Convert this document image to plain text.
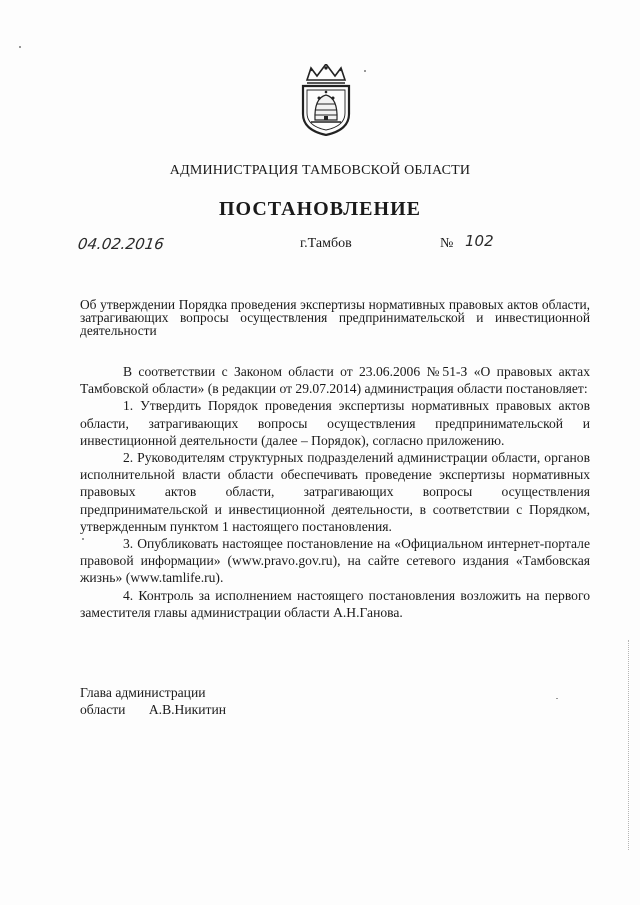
АДМИНИСТРАЦИЯ ТАМБОВСКОЙ ОБЛАСТИ
ПОСТАНОВЛЕНИЕ
04.02.2016	г.Тамбов	№ 102
Об утверждении Порядка проведения экспертизы нормативных правовых актов области, затрагивающих вопросы осуществления предпринимательской и инвестиционной деятельности

В соответствии с Законом области от 23.06.2006 №51-З «О правовых актах Тамбовской области» (в редакции от 29.07.2014) администрация области постановляет:

1. Утвердить Порядок проведения экспертизы нормативных правовых актов области, затрагивающих вопросы осуществления предпринимательской и инвестиционной деятельности (далее – Порядок), согласно приложению.

2. Руководителям структурных подразделений администрации области, органов исполнительной власти области обеспечивать проведение экспертизы нормативных правовых актов области, затрагивающих вопросы осуществления предпринимательской и инвестиционной деятельности, в соответствии с Порядком, утвержденным пунктом 1 настоящего постановления.

3. Опубликовать настоящее постановление на «Официальном интернет-портале правовой информации» (www.pravo.gov.ru), на сайте сетевого издания «Тамбовская жизнь» (www.tamlife.ru).

4. Контроль за исполнением настоящего постановления возложить на первого заместителя главы администрации области А.Н.Ганова.

Глава администрации
области А.В.Никитин
